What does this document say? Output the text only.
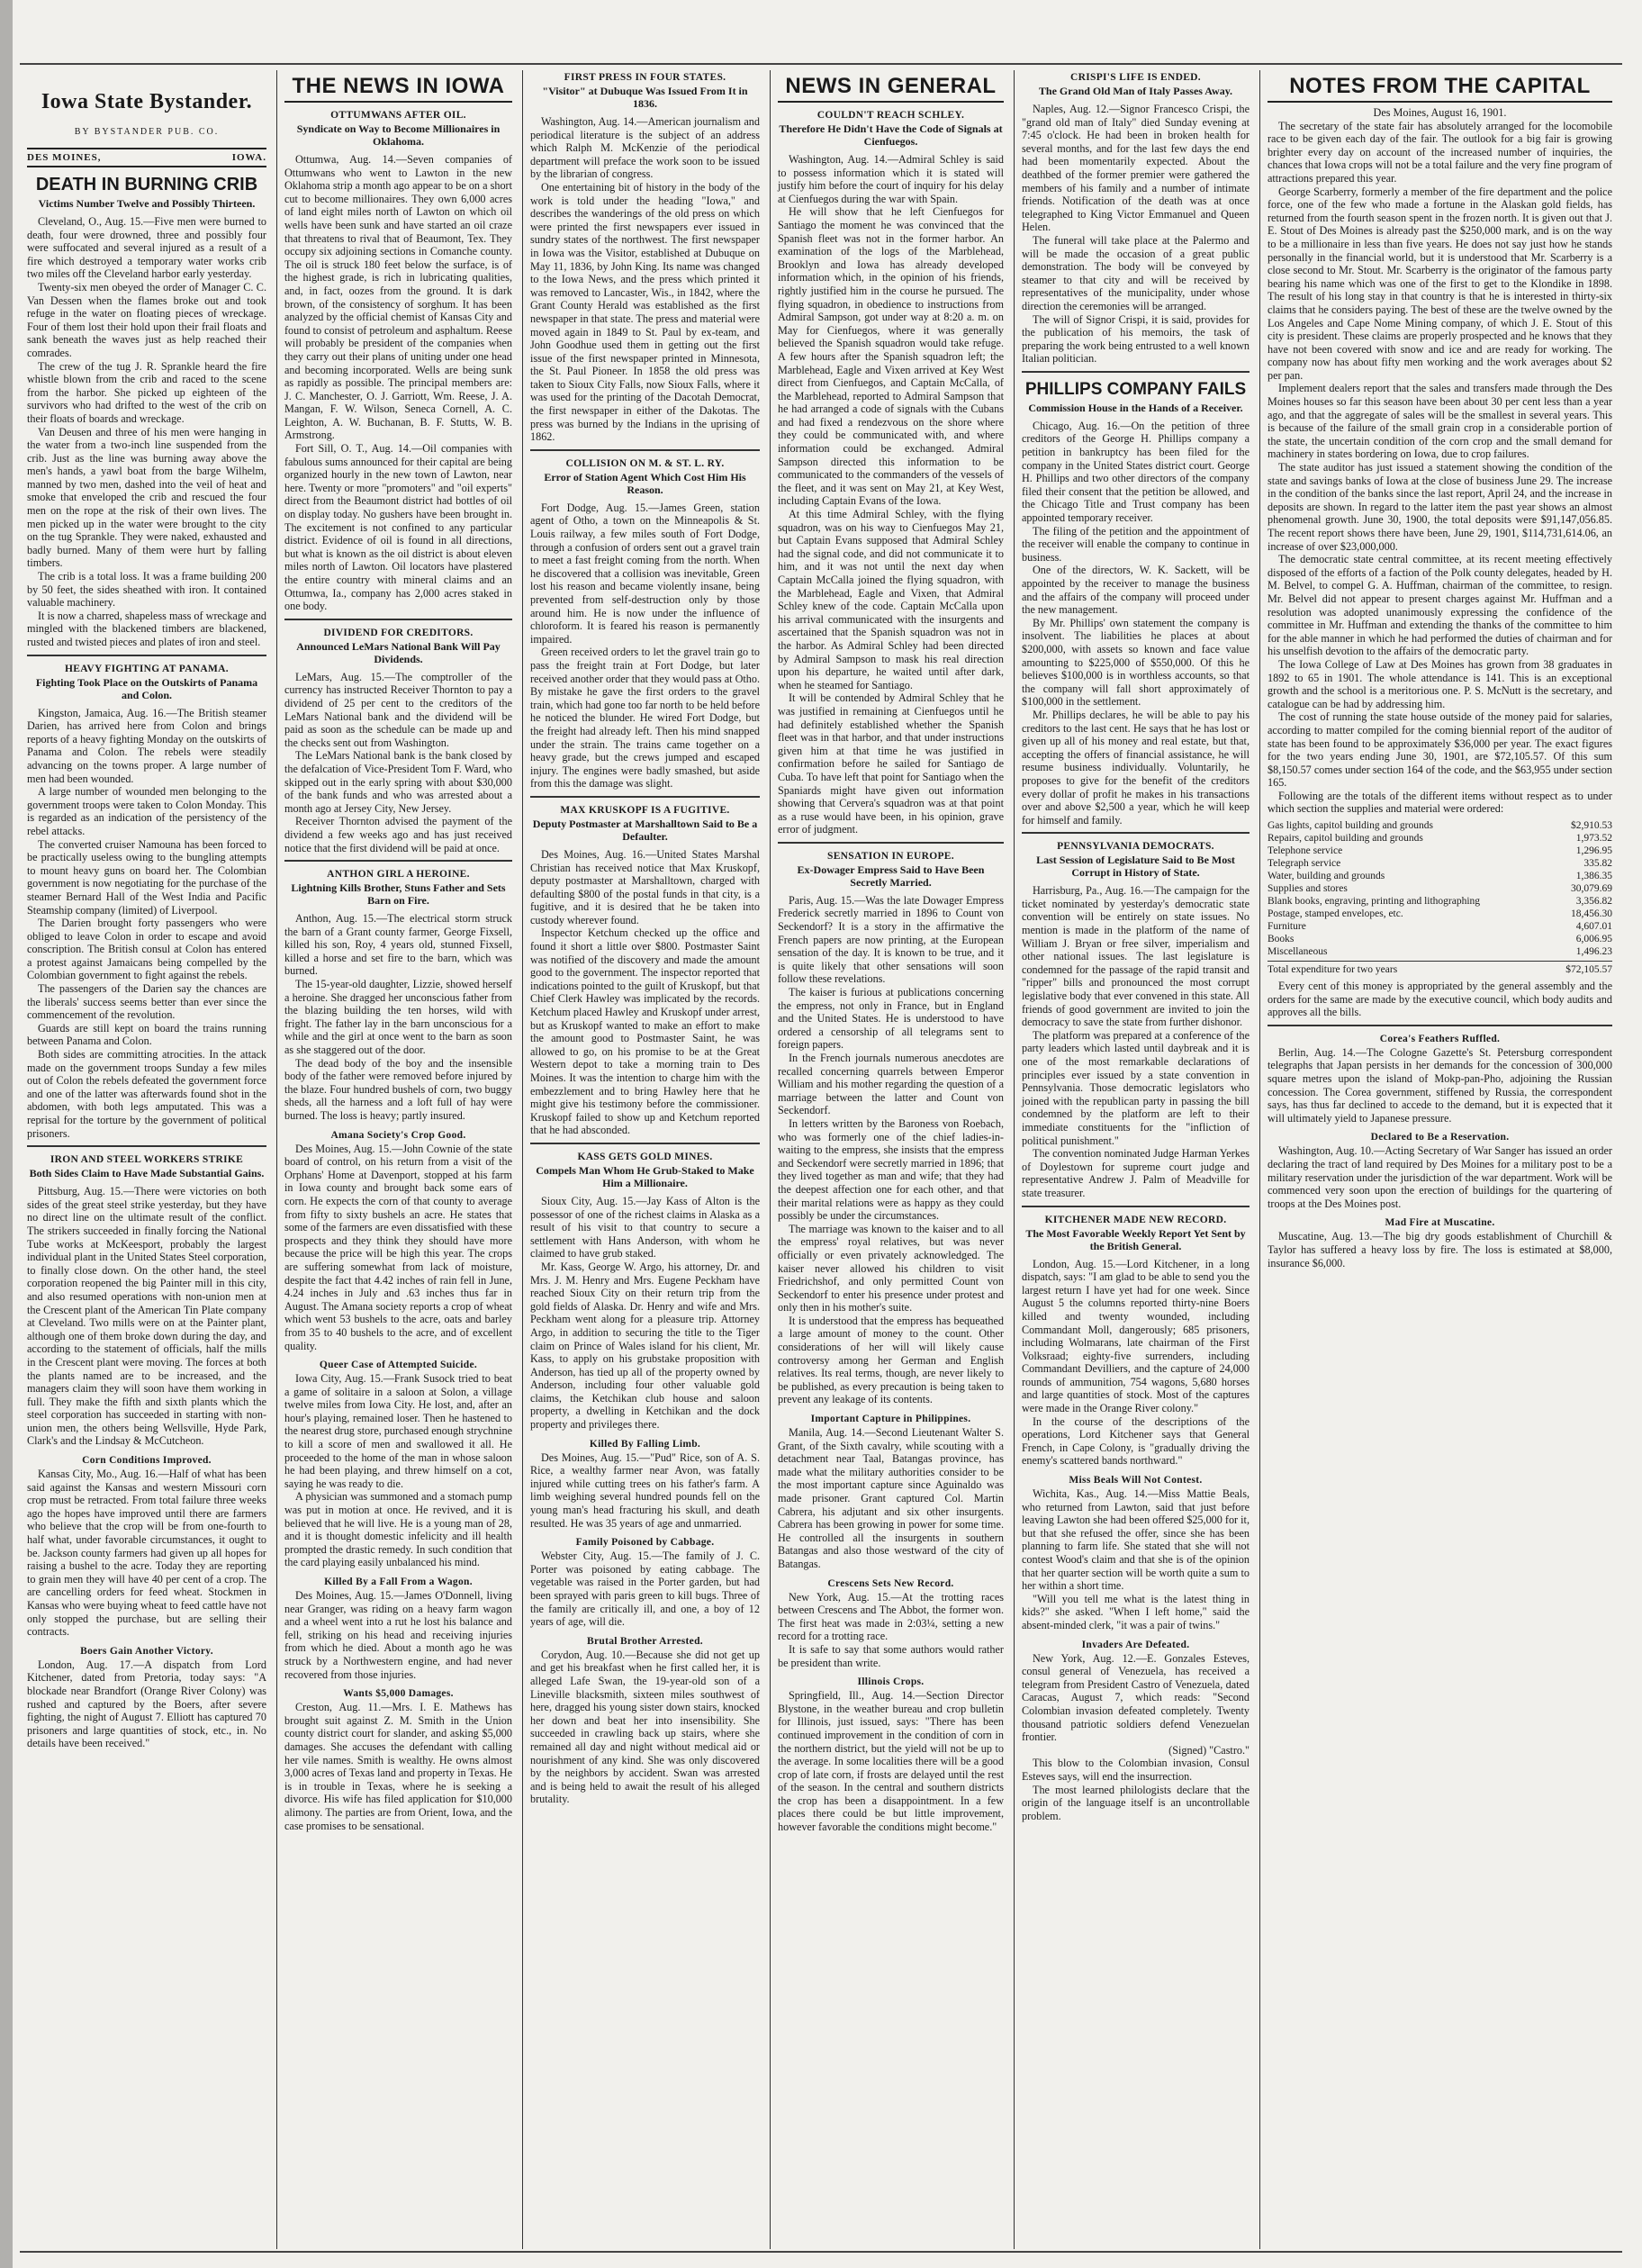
Iowa State Bystander.
BY BYSTANDER PUB. CO.
DES MOINES,	IOWA.
DEATH IN BURNING CRIB
Victims Number Twelve and Possibly Thirteen.

Cleveland, O., Aug. 15.—Five men were burned to death, four were drowned, three and possibly four were suffocated and several injured as a result of a fire which destroyed a temporary water works crib two miles off the Cleveland harbor early yesterday.

Twenty-six men obeyed the order of Manager C. C. Van Dessen when the flames broke out and took refuge in the water on floating pieces of wreckage. Four of them lost their hold upon their frail floats and sank beneath the waves just as help reached their comrades.

The crew of the tug J. R. Sprankle heard the fire whistle blown from the crib and raced to the scene from the harbor. She picked up eighteen of the survivors who had drifted to the west of the crib on their floats of boards and wreckage.

Van Deusen and three of his men were hanging in the water from a two-inch line suspended from the crib. Just as the line was burning away above the men's hands, a yawl boat from the barge Wilhelm, manned by two men, dashed into the veil of heat and smoke that enveloped the crib and rescued the four men on the rope at the risk of their own lives. The men picked up in the water were brought to the city on the tug Sprankle. They were naked, exhausted and badly burned. Many of them were hurt by falling timbers.

The crib is a total loss. It was a frame building 200 by 50 feet, the sides sheathed with iron. It contained valuable machinery.

It is now a charred, shapeless mass of wreckage and mingled with the blackened timbers are blackened, rusted and twisted pieces and plates of iron and steel.

HEAVY FIGHTING AT PANAMA.
Fighting Took Place on the Outskirts of Panama and Colon.

Kingston, Jamaica, Aug. 16.—The British steamer Darien, has arrived here from Colon and brings reports of a heavy fighting Monday on the outskirts of Panama and Colon. The rebels were steadily advancing on the towns proper. A large number of men had been wounded.

A large number of wounded men belonging to the government troops were taken to Colon Monday. This is regarded as an indication of the persistency of the rebel attacks.

The converted cruiser Namouna has been forced to be practically useless owing to the bungling attempts to mount heavy guns on board her. The Colombian government is now negotiating for the purchase of the steamer Bernard Hall of the West India and Pacific Steamship company (limited) of Liverpool.

The Darien brought forty passengers who were obliged to leave Colon in order to escape and avoid conscription. The British consul at Colon has entered a protest against Jamaicans being compelled by the Colombian government to fight against the rebels.

The passengers of the Darien say the chances are the liberals' success seems better than ever since the commencement of the revolution.

Guards are still kept on board the trains running between Panama and Colon.

Both sides are committing atrocities. In the attack made on the government troops Sunday a few miles out of Colon the rebels defeated the government force and one of the latter was afterwards found shot in the abdomen, with both legs amputated. This was a reprisal for the torture by the government of political prisoners.

IRON AND STEEL WORKERS STRIKE
Both Sides Claim to Have Made Substantial Gains.

Pittsburg, Aug. 15.—There were victories on both sides of the great steel strike yesterday, but they have no direct line on the ultimate result of the conflict. The strikers succeeded in finally forcing the National Tube works at McKeesport, probably the largest individual plant in the United States Steel corporation, to finally close down. On the other hand, the steel corporation reopened the big Painter mill in this city, and also resumed operations with non-union men at the Crescent plant of the American Tin Plate company at Cleveland. Two mills were on at the Painter plant, although one of them broke down during the day, and according to the statement of officials, half the mills in the Crescent plant were moving. The forces at both the plants named are to be increased, and the managers claim they will soon have them working in full. They make the fifth and sixth plants which the steel corporation has succeeded in starting with non-union men, the others being Wellsville, Hyde Park, Clark's and the Lindsay & McCutcheon.

Corn Conditions Improved.

Kansas City, Mo., Aug. 16.—Half of what has been said against the Kansas and western Missouri corn crop must be retracted. From total failure three weeks ago the hopes have improved until there are farmers who believe that the crop will be from one-fourth to half what, under favorable circumstances, it ought to be. Jackson county farmers had given up all hopes for raising a bushel to the acre. Today they are reporting to grain men they will have 40 per cent of a crop. The are cancelling orders for feed wheat. Stockmen in Kansas who were buying wheat to feed cattle have not only stopped the purchase, but are selling their contracts.

Boers Gain Another Victory.

London, Aug. 17.—A dispatch from Lord Kitchener, dated from Pretoria, today says: "A blockade near Brandfort (Orange River Colony) was rushed and captured by the Boers, after severe fighting, the night of August 7. Elliott has captured 70 prisoners and large quantities of stock, etc., in. No details have been received."

THE NEWS IN IOWA
OTTUMWANS AFTER OIL.
Syndicate on Way to Become Millionaires in Oklahoma.

Ottumwa, Aug. 14.—Seven companies of Ottumwans who went to Lawton in the new Oklahoma strip a month ago appear to be on a short cut to become millionaires. They own 6,000 acres of land eight miles north of Lawton on which oil wells have been sunk and have started an oil craze that threatens to rival that of Beaumont, Tex. They occupy six adjoining sections in Comanche county. The oil is struck 180 feet below the surface, is of the highest grade, is rich in lubricating qualities, and, in fact, oozes from the ground. It is dark brown, of the consistency of sorghum. It has been analyzed by the official chemist of Kansas City and found to consist of petroleum and asphaltum. Reese will probably be president of the companies when they carry out their plans of uniting under one head and becoming incorporated. Wells are being sunk as rapidly as possible. The principal members are: J. C. Manchester, O. J. Garriott, Wm. Reese, J. A. Mangan, F. W. Wilson, Seneca Cornell, A. C. Leighton, A. W. Buchanan, B. F. Stutts, W. B. Armstrong.

Fort Sill, O. T., Aug. 14.—Oil companies with fabulous sums announced for their capital are being organized hourly in the new town of Lawton, near here. Twenty or more "promoters" and "oil experts" direct from the Beaumont district had bottles of oil on display today. No gushers have been brought in. The excitement is not confined to any particular district. Evidence of oil is found in all directions, but what is known as the oil district is about eleven miles north of Lawton. Oil locators have plastered the entire country with mineral claims and an Ottumwa, Ia., company has 2,000 acres staked in one body.

DIVIDEND FOR CREDITORS.
Announced LeMars National Bank Will Pay Dividends.

LeMars, Aug. 15.—The comptroller of the currency has instructed Receiver Thornton to pay a dividend of 25 per cent to the creditors of the LeMars National bank and the dividend will be paid as soon as the schedule can be made up and the checks sent out from Washington.

The LeMars National bank is the bank closed by the defalcation of Vice-President Tom F. Ward, who skipped out in the early spring with about $30,000 of the bank funds and who was arrested about a month ago at Jersey City, New Jersey.

Receiver Thornton advised the payment of the dividend a few weeks ago and has just received notice that the first dividend will be paid at once.

ANTHON GIRL A HEROINE.
Lightning Kills Brother, Stuns Father and Sets Barn on Fire.

Anthon, Aug. 15.—The electrical storm struck the barn of a Grant county farmer, George Fixsell, killed his son, Roy, 4 years old, stunned Fixsell, killed a horse and set fire to the barn, which was burned.

The 15-year-old daughter, Lizzie, showed herself a heroine. She dragged her unconscious father from the blazing building the ten horses, wild with fright. The father lay in the barn unconscious for a while and the girl at once went to the barn as soon as she staggered out of the door.

The dead body of the boy and the insensible body of the father were removed before injured by the blaze. Four hundred bushels of corn, two buggy sheds, all the harness and a loft full of hay were burned. The loss is heavy; partly insured.

Amana Society's Crop Good.

Des Moines, Aug. 15.—John Cownie of the state board of control, on his return from a visit of the Orphans' Home at Davenport, stopped at his farm in Iowa county and brought back some ears of corn. He expects the corn of that county to average from fifty to sixty bushels an acre. He states that some of the farmers are even dissatisfied with these prospects and they think they should have more because the price will be high this year. The crops are suffering somewhat from lack of moisture, despite the fact that 4.42 inches of rain fell in June, 4.24 inches in July and .63 inches thus far in August. The Amana society reports a crop of wheat which went 53 bushels to the acre, oats and barley from 35 to 40 bushels to the acre, and of excellent quality.

Queer Case of Attempted Suicide.

Iowa City, Aug. 15.—Frank Susock tried to beat a game of solitaire in a saloon at Solon, a village twelve miles from Iowa City. He lost, and, after an hour's playing, remained loser. Then he hastened to the nearest drug store, purchased enough strychnine to kill a score of men and swallowed it all. He proceeded to the home of the man in whose saloon he had been playing, and threw himself on a cot, saying he was ready to die.

A physician was summoned and a stomach pump was put in motion at once. He revived, and it is believed that he will live. He is a young man of 28, and it is thought domestic infelicity and ill health prompted the drastic remedy. In such condition that the card playing easily unbalanced his mind.

Killed By a Fall From a Wagon.

Des Moines, Aug. 15.—James O'Donnell, living near Granger, was riding on a heavy farm wagon and a wheel went into a rut he lost his balance and fell, striking on his head and receiving injuries from which he died. About a month ago he was struck by a Northwestern engine, and had never recovered from those injuries.

Wants $5,000 Damages.

Creston, Aug. 11.—Mrs. I. E. Mathews has brought suit against Z. M. Smith in the Union county district court for slander, and asking $5,000 damages. She accuses the defendant with calling her vile names. Smith is wealthy. He owns almost 3,000 acres of Texas land and property in Texas. He is in trouble in Texas, where he is seeking a divorce. His wife has filed application for $10,000 alimony. The parties are from Orient, Iowa, and the case promises to be sensational.

FIRST PRESS IN FOUR STATES.
"Visitor" at Dubuque Was Issued From It in 1836.

Washington, Aug. 14.—American journalism and periodical literature is the subject of an address which Ralph M. McKenzie of the periodical department will preface the work soon to be issued by the librarian of congress.

One entertaining bit of history in the body of the work is told under the heading "Iowa," and describes the wanderings of the old press on which were printed the first newspapers ever issued in sundry states of the northwest. The first newspaper in Iowa was the Visitor, established at Dubuque on May 11, 1836, by John King. Its name was changed to the Iowa News, and the press which printed it was removed to Lancaster, Wis., in 1842, where the Grant County Herald was established as the first newspaper in that state. The press and material were moved again in 1849 to St. Paul by ex-team, and John Goodhue used them in getting out the first issue of the first newspaper printed in Minnesota, the St. Paul Pioneer. In 1858 the old press was taken to Sioux City Falls, now Sioux Falls, where it was used for the printing of the Dacotah Democrat, the first newspaper in either of the Dakotas. The press was burned by the Indians in the uprising of 1862.

COLLISION ON M. & ST. L. RY.
Error of Station Agent Which Cost Him His Reason.

Fort Dodge, Aug. 15.—James Green, station agent of Otho, a town on the Minneapolis & St. Louis railway, a few miles south of Fort Dodge, through a confusion of orders sent out a gravel train to meet a fast freight coming from the north. When he discovered that a collision was inevitable, Green lost his reason and became violently insane, being prevented from self-destruction only by those around him. He is now under the influence of chloroform. It is feared his reason is permanently impaired.

Green received orders to let the gravel train go to pass the freight train at Fort Dodge, but later received another order that they would pass at Otho. By mistake he gave the first orders to the gravel train, which had gone too far north to be held before he noticed the blunder. He wired Fort Dodge, but the freight had already left. Then his mind snapped under the strain. The trains came together on a heavy grade, but the crews jumped and escaped injury. The engines were badly smashed, but aside from this the damage was slight.

MAX KRUSKOPF IS A FUGITIVE.
Deputy Postmaster at Marshalltown Said to Be a Defaulter.

Des Moines, Aug. 16.—United States Marshal Christian has received notice that Max Kruskopf, deputy postmaster at Marshalltown, charged with defaulting $800 of the postal funds in that city, is a fugitive, and it is desired that he be taken into custody wherever found.

Inspector Ketchum checked up the office and found it short a little over $800. Postmaster Saint was notified of the discovery and made the amount good to the government. The inspector reported that indications pointed to the guilt of Kruskopf, but that Chief Clerk Hawley was implicated by the records. Ketchum placed Hawley and Kruskopf under arrest, but as Kruskopf wanted to make an effort to make the amount good to Postmaster Saint, he was allowed to go, on his promise to be at the Great Western depot to take a morning train to Des Moines. It was the intention to charge him with the embezzlement and to bring Hawley here that he might give his testimony before the commissioner. Kruskopf failed to show up and Ketchum reported that he had absconded.

KASS GETS GOLD MINES.
Compels Man Whom He Grub-Staked to Make Him a Millionaire.

Sioux City, Aug. 15.—Jay Kass of Alton is the possessor of one of the richest claims in Alaska as a result of his visit to that country to secure a settlement with Hans Anderson, with whom he claimed to have grub staked.

Mr. Kass, George W. Argo, his attorney, Dr. and Mrs. J. M. Henry and Mrs. Eugene Peckham have reached Sioux City on their return trip from the gold fields of Alaska. Dr. Henry and wife and Mrs. Peckham went along for a pleasure trip. Attorney Argo, in addition to securing the title to the Tiger claim on Prince of Wales island for his client, Mr. Kass, to apply on his grubstake proposition with Anderson, has tied up all of the property owned by Anderson, including four other valuable gold claims, the Ketchikan club house and saloon property, a dwelling in Ketchikan and the dock property and privileges there.

Killed By Falling Limb.

Des Moines, Aug. 15.—"Pud" Rice, son of A. S. Rice, a wealthy farmer near Avon, was fatally injured while cutting trees on his father's farm. A limb weighing several hundred pounds fell on the young man's head fracturing his skull, and death resulted. He was 35 years of age and unmarried.

Family Poisoned by Cabbage.

Webster City, Aug. 15.—The family of J. C. Porter was poisoned by eating cabbage. The vegetable was raised in the Porter garden, but had been sprayed with paris green to kill bugs. Three of the family are critically ill, and one, a boy of 12 years of age, will die.

Brutal Brother Arrested.

Corydon, Aug. 10.—Because she did not get up and get his breakfast when he first called her, it is alleged Lafe Swan, the 19-year-old son of a Lineville blacksmith, sixteen miles southwest of here, dragged his young sister down stairs, knocked her down and beat her into insensibility. She succeeded in crawling back up stairs, where she remained all day and night without medical aid or nourishment of any kind. She was only discovered by the neighbors by accident. Swan was arrested and is being held to await the result of his alleged brutality.

NEWS IN GENERAL
COULDN'T REACH SCHLEY.
Therefore He Didn't Have the Code of Signals at Cienfuegos.

Washington, Aug. 14.—Admiral Schley is said to possess information which it is stated will justify him before the court of inquiry for his delay at Cienfuegos during the war with Spain.

He will show that he left Cienfuegos for Santiago the moment he was convinced that the Spanish fleet was not in the former harbor. An examination of the logs of the Marblehead, Brooklyn and Iowa has already developed information which, in the opinion of his friends, rightly justified him in the course he pursued. The flying squadron, in obedience to instructions from Admiral Sampson, got under way at 8:20 a. m. on May for Cienfuegos, where it was generally believed the Spanish squadron would take refuge. A few hours after the Spanish squadron left; the Marblehead, Eagle and Vixen arrived at Key West direct from Cienfuegos, and Captain McCalla, of the Marblehead, reported to Admiral Sampson that he had arranged a code of signals with the Cubans and had fixed a rendezvous on the shore where they could be communicated with, and where information could be exchanged. Admiral Sampson directed this information to be communicated to the commanders of the vessels of the fleet, and it was sent on May 21, at Key West, including Captain Evans of the Iowa.

At this time Admiral Schley, with the flying squadron, was on his way to Cienfuegos May 21, but Captain Evans supposed that Admiral Schley had the signal code, and did not communicate it to him, and it was not until the next day when Captain McCalla joined the flying squadron, with the Marblehead, Eagle and Vixen, that Admiral Schley knew of the code. Captain McCalla upon his arrival communicated with the insurgents and ascertained that the Spanish squadron was not in the harbor. As Admiral Schley had been directed by Admiral Sampson to mask his real direction upon his departure, he waited until after dark, when he steamed for Santiago.

It will be contended by Admiral Schley that he was justified in remaining at Cienfuegos until he had definitely established whether the Spanish fleet was in that harbor, and that under instructions given him at that time he was justified in confirmation before he sailed for Santiago de Cuba. To have left that point for Santiago when the Spaniards might have given out information showing that Cervera's squadron was at that point as a ruse would have been, in his opinion, grave error of judgment.

SENSATION IN EUROPE.
Ex-Dowager Empress Said to Have Been Secretly Married.

Paris, Aug. 15.—Was the late Dowager Empress Frederick secretly married in 1896 to Count von Seckendorf? It is a story in the affirmative the French papers are now printing, at the European sensation of the day. It is known to be true, and it is quite likely that other sensations will soon follow these revelations.

The kaiser is furious at publications concerning the empress, not only in France, but in England and the United States. He is understood to have ordered a censorship of all telegrams sent to foreign papers.

In the French journals numerous anecdotes are recalled concerning quarrels between Emperor William and his mother regarding the question of a marriage between the latter and Count von Seckendorf.

In letters written by the Baroness von Roebach, who was formerly one of the chief ladies-in-waiting to the empress, she insists that the empress and Seckendorf were secretly married in 1896; that they lived together as man and wife; that they had the deepest affection one for each other, and that their marital relations were as happy as they could possibly be under the circumstances.

The marriage was known to the kaiser and to all the empress' royal relatives, but was never officially or even privately acknowledged. The kaiser never allowed his children to visit Friedrichshof, and only permitted Count von Seckendorf to enter his presence under protest and only then in his mother's suite.

It is understood that the empress has bequeathed a large amount of money to the count. Other considerations of her will will likely cause controversy among her German and English relatives. Its real terms, though, are never likely to be published, as every precaution is being taken to prevent any leakage of its contents.

Important Capture in Philippines.

Manila, Aug. 14.—Second Lieutenant Walter S. Grant, of the Sixth cavalry, while scouting with a detachment near Taal, Batangas province, has made what the military authorities consider to be the most important capture since Aguinaldo was made prisoner. Grant captured Col. Martin Cabrera, his adjutant and six other insurgents. Cabrera has been growing in power for some time. He controlled all the insurgents in southern Batangas and also those westward of the city of Batangas.

Crescens Sets New Record.

New York, Aug. 15.—At the trotting races between Crescens and The Abbot, the former won. The first heat was made in 2:03¼, setting a new record for a trotting race.

It is safe to say that some authors would rather be president than write.

Illinois Crops.

Springfield, Ill., Aug. 14.—Section Director Blystone, in the weather bureau and crop bulletin for Illinois, just issued, says: "There has been continued improvement in the condition of corn in the northern district, but the yield will not be up to the average. In some localities there will be a good crop of late corn, if frosts are delayed until the rest of the season. In the central and southern districts the crop has been a disappointment. In a few places there could be but little improvement, however favorable the conditions might become."

CRISPI'S LIFE IS ENDED.
The Grand Old Man of Italy Passes Away.

Naples, Aug. 12.—Signor Francesco Crispi, the "grand old man of Italy" died Sunday evening at 7:45 o'clock. He had been in broken health for several months, and for the last few days the end had been momentarily expected. About the deathbed of the former premier were gathered the members of his family and a number of intimate friends. Notification of the death was at once telegraphed to King Victor Emmanuel and Queen Helen.

The funeral will take place at the Palermo and will be made the occasion of a great public demonstration. The body will be conveyed by steamer to that city and will be received by representatives of the municipality, under whose direction the ceremonies will be arranged.

The will of Signor Crispi, it is said, provides for the publication of his memoirs, the task of preparing the work being entrusted to a well known Italian politician.

PHILLIPS COMPANY FAILS
Commission House in the Hands of a Receiver.

Chicago, Aug. 16.—On the petition of three creditors of the George H. Phillips company a petition in bankruptcy has been filed for the company in the United States district court. George H. Phillips and two other directors of the company filed their consent that the petition be allowed, and the Chicago Title and Trust company has been appointed temporary receiver.

The filing of the petition and the appointment of the receiver will enable the company to continue in business.

One of the directors, W. K. Sackett, will be appointed by the receiver to manage the business and the affairs of the company will proceed under the new management.

By Mr. Phillips' own statement the company is insolvent. The liabilities he places at about $200,000, with assets so known and face value amounting to $225,000 of $550,000. Of this he believes $100,000 is in worthless accounts, so that the company will fall short approximately of $100,000 in the settlement.

Mr. Phillips declares, he will be able to pay his creditors to the last cent. He says that he has lost or given up all of his money and real estate, but that, accepting the offers of financial assistance, he will resume business individually. Voluntarily, he proposes to give for the benefit of the creditors every dollar of profit he makes in his transactions over and above $2,500 a year, which he will keep for himself and family.

PENNSYLVANIA DEMOCRATS.
Last Session of Legislature Said to Be Most Corrupt in History of State.

Harrisburg, Pa., Aug. 16.—The campaign for the ticket nominated by yesterday's democratic state convention will be entirely on state issues. No mention is made in the platform of the name of William J. Bryan or free silver, imperialism and other national issues. The last legislature is condemned for the passage of the rapid transit and "ripper" bills and pronounced the most corrupt legislative body that ever convened in this state. All friends of good government are invited to join the democracy to save the state from further dishonor.

The platform was prepared at a conference of the party leaders which lasted until daybreak and it is one of the most remarkable declarations of principles ever issued by a state convention in Pennsylvania. Those democratic legislators who joined with the republican party in passing the bill condemned by the platform are left to their immediate constituents for the "infliction of political punishment."

The convention nominated Judge Harman Yerkes of Doylestown for supreme court judge and representative Andrew J. Palm of Meadville for state treasurer.

KITCHENER MADE NEW RECORD.
The Most Favorable Weekly Report Yet Sent by the British General.

London, Aug. 15.—Lord Kitchener, in a long dispatch, says: "I am glad to be able to send you the largest return I have yet had for one week. Since August 5 the columns reported thirty-nine Boers killed and twenty wounded, including Commandant Moll, dangerously; 685 prisoners, including Wolmarans, late chairman of the First Volksraad; eighty-five surrenders, including Commandant Devilliers, and the capture of 24,000 rounds of ammunition, 754 wagons, 5,680 horses and large quantities of stock. Most of the captures were made in the Orange River colony."

In the course of the descriptions of the operations, Lord Kitchener says that General French, in Cape Colony, is "gradually driving the enemy's scattered bands northward."

Miss Beals Will Not Contest.

Wichita, Kas., Aug. 14.—Miss Mattie Beals, who returned from Lawton, said that just before leaving Lawton she had been offered $25,000 for it, but that she refused the offer, since she has been planning to farm life. She stated that she will not contest Wood's claim and that she is of the opinion that her quarter section will be worth quite a sum to her within a short time.

"Will you tell me what is the latest thing in kids?" she asked. "When I left home," said the absent-minded clerk, "it was a pair of twins."

Invaders Are Defeated.

New York, Aug. 12.—E. Gonzales Esteves, consul general of Venezuela, has received a telegram from President Castro of Venezuela, dated Caracas, August 7, which reads: "Second Colombian invasion defeated completely. Twenty thousand patriotic soldiers defend Venezuelan frontier.

(Signed) "Castro."

This blow to the Colombian invasion, Consul Esteves says, will end the insurrection.

The most learned philologists declare that the origin of the language itself is an uncontrollable problem.

NOTES FROM THE CAPITAL

Des Moines, August 16, 1901.

The secretary of the state fair has absolutely arranged for the locomobile race to be given each day of the fair. The outlook for a big fair is growing brighter every day on account of the increased number of inquiries, the chances that Iowa crops will not be a total failure and the very fine program of attractions prepared this year.

George Scarberry, formerly a member of the fire department and the police force, one of the few who made a fortune in the Alaskan gold fields, has returned from the fourth season spent in the frozen north. It is given out that J. E. Stout of Des Moines is already past the $250,000 mark, and is on the way to be a millionaire in less than five years. He does not say just how he stands personally in the financial world, but it is understood that Mr. Scarberry is a close second to Mr. Stout. Mr. Scarberry is the originator of the famous party bearing his name which was one of the first to get to the Klondike in 1898. The result of his long stay in that country is that he is interested in thirty-six claims that he considers paying. The best of these are the twelve owned by the Los Angeles and Cape Nome Mining company, of which J. E. Stout of this city is president. These claims are properly prospected and he knows that they have not been covered with snow and ice and are ready for working. The company now has about fifty men working and the work averages about $2 per pan.

Implement dealers report that the sales and transfers made through the Des Moines houses so far this season have been about 30 per cent less than a year ago, and that the aggregate of sales will be the smallest in several years. This is because of the failure of the small grain crop in a considerable portion of the state, the uncertain condition of the corn crop and the small demand for machinery in states bordering on Iowa, due to crop failures.

The state auditor has just issued a statement showing the condition of the state and savings banks of Iowa at the close of business June 29. The increase in the condition of the banks since the last report, April 24, and the increase in deposits are shown. In regard to the latter item the past year shows an almost phenomenal growth. June 30, 1900, the total deposits were $91,147,056.85. The recent report shows there have been, June 29, 1901, $114,731,614.06, an increase of over $23,000,000.

The democratic state central committee, at its recent meeting effectively disposed of the efforts of a faction of the Polk county delegates, headed by H. M. Belvel, to compel G. A. Huffman, chairman of the committee, to resign. Mr. Belvel did not appear to present charges against Mr. Huffman and a resolution was adopted unanimously expressing the confidence of the committee in Mr. Huffman and extending the thanks of the committee to him for the able manner in which he had performed the duties of chairman and for his unselfish devotion to the affairs of the democratic party.

The Iowa College of Law at Des Moines has grown from 38 graduates in 1892 to 65 in 1901. The whole attendance is 141. This is an exceptional growth and the school is a meritorious one. P. S. McNutt is the secretary, and catalogue can be had by addressing him.

The cost of running the state house outside of the money paid for salaries, according to matter compiled for the coming biennial report of the auditor of state has been found to be approximately $36,000 per year. The exact figures for the two years ending June 30, 1901, are $72,105.57. Of this sum $8,150.57 comes under section 164 of the code, and the $63,955 under section 165.

Following are the totals of the different items without respect as to under which section the supplies and material were ordered:

Gas lights, capitol building and grounds	$2,910.53
Repairs, capitol building and grounds	1,973.52
Telephone service	1,296.95
Telegraph service	335.82
Water, building and grounds	1,386.35
Supplies and stores	30,079.69
Blank books, engraving, printing and lithographing	3,356.82
Postage, stamped envelopes, etc.	18,456.30
Furniture	4,607.01
Books	6,006.95
Miscellaneous	1,496.23
Total expenditure for two years	$72,105.57

Every cent of this money is appropriated by the general assembly and the orders for the same are made by the executive council, which body audits and approves all the bills.

Corea's Feathers Ruffled.

Berlin, Aug. 14.—The Cologne Gazette's St. Petersburg correspondent telegraphs that Japan persists in her demands for the concession of 300,000 square metres upon the island of Mokp-pan-Pho, adjoining the Russian concession. The Corea government, stiffened by Russia, the correspondent says, has thus far declined to accede to the demand, but it is expected that it will ultimately yield to Japanese pressure.

Declared to Be a Reservation.

Washington, Aug. 10.—Acting Secretary of War Sanger has issued an order declaring the tract of land required by Des Moines for a military post to be a military reservation under the jurisdiction of the war department. Work will be commenced very soon upon the erection of buildings for the quartering of troops at the Des Moines post.

Mad Fire at Muscatine.

Muscatine, Aug. 13.—The big dry goods establishment of Churchill & Taylor has suffered a heavy loss by fire. The loss is estimated at $8,000, insurance $6,000.
